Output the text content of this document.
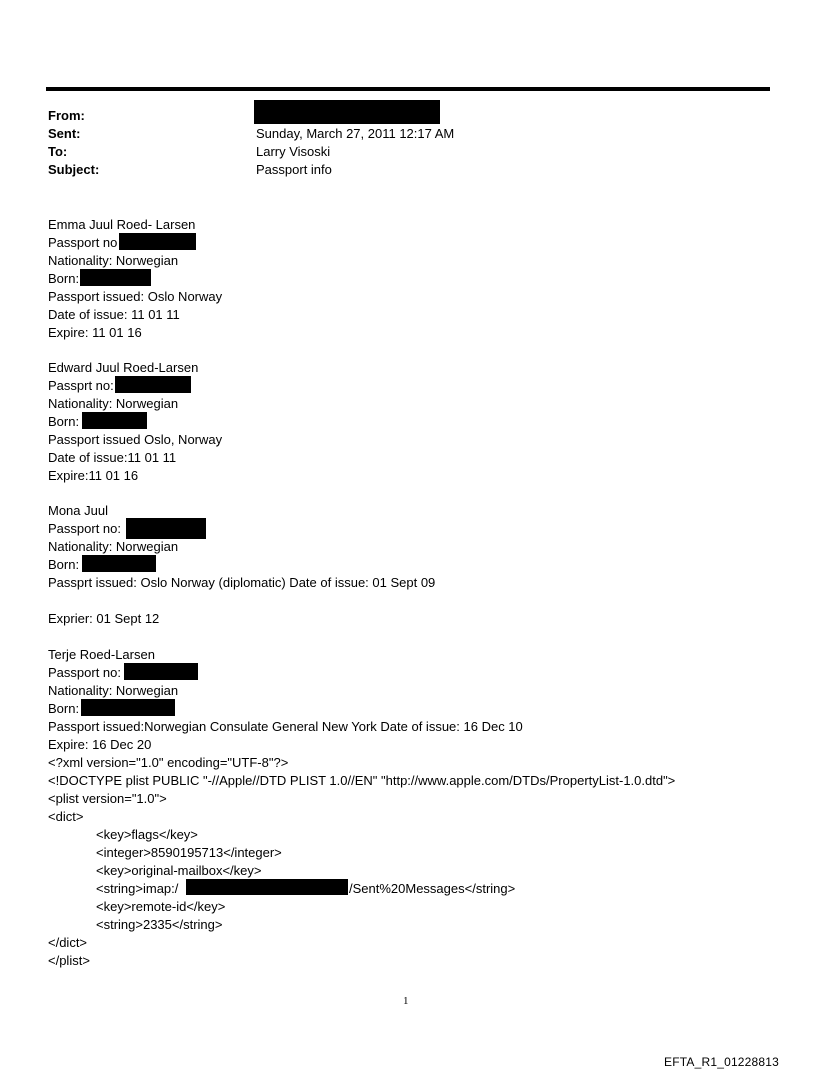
From:
Sent:	Sunday, March 27, 2011 12:17 AM
To:	Larry Visoski
Subject:	Passport info
Emma Juul Roed- Larsen
Passport no
Nationality: Norwegian
Born:
Passport issued: Oslo Norway
Date of issue: 11 01 11
Expire: 11 01 16
Edward Juul Roed-Larsen
Passprt no:
Nationality: Norwegian
Born:
Passport issued Oslo, Norway
Date of issue:11 01 11
Expire:11 01 16
Mona Juul
Passport no:
Nationality: Norwegian
Born:
Passprt issued: Oslo Norway (diplomatic) Date of issue: 01 Sept 09
Exprier: 01 Sept 12
Terje Roed-Larsen
Passport no:
Nationality: Norwegian
Born:
Passport issued:Norwegian Consulate General New York Date of issue: 16 Dec 10
Expire: 16 Dec 20
<?xml version="1.0" encoding="UTF-8"?>
<!DOCTYPE plist PUBLIC "-//Apple//DTD PLIST 1.0//EN" "http://www.apple.com/DTDs/PropertyList-1.0.dtd">
<plist version="1.0">
<dict>
<key>flags</key>
<integer>8590195713</integer>
<key>original-mailbox</key>
<string>imap:/	/Sent%20Messages</string>
<key>remote-id</key>
<string>2335</string>
</dict>
</plist>
1
EFTA_R1_01228813
